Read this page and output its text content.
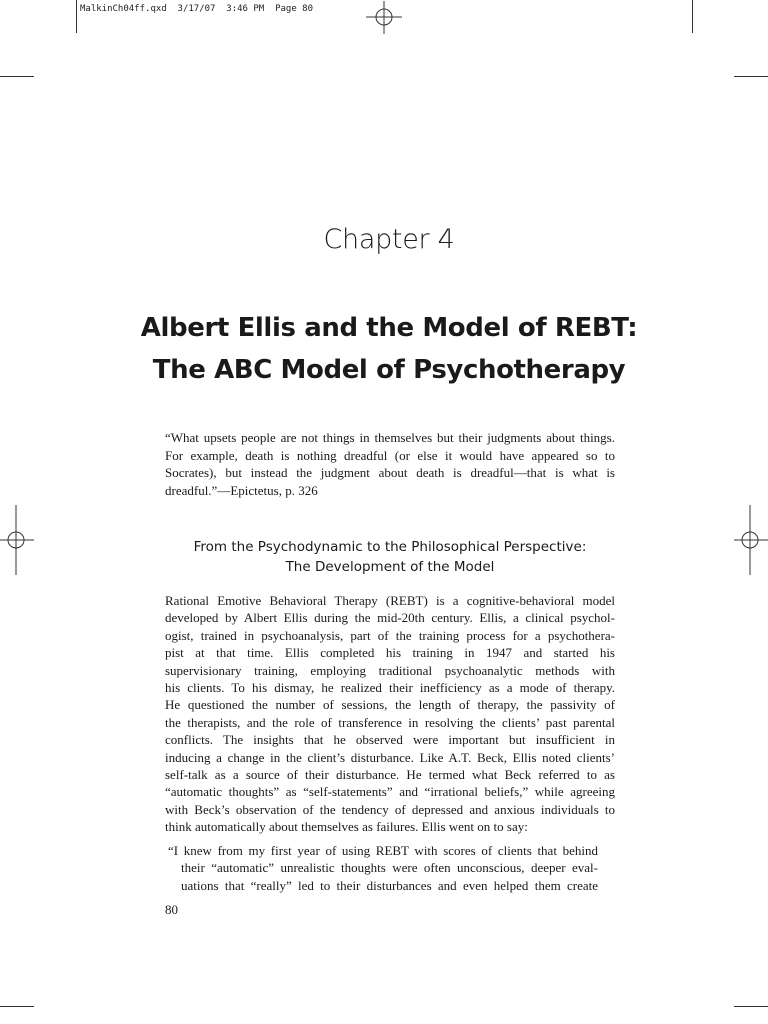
MalkinCh04ff.qxd  3/17/07  3:46 PM  Page 80
Chapter 4
Albert Ellis and the Model of REBT:
The ABC Model of Psychotherapy

“What upsets people are not things in themselves but their judgments about things. For example, death is nothing dreadful (or else it would have appeared so to Socrates), but instead the judgment about death is dreadful—that is what is dreadful.”—Epictetus, p. 326

From the Psychodynamic to the Philosophical Perspective:
The Development of the Model
Rational Emotive Behavioral Therapy (REBT) is a cognitive-behavioral model
developed by Albert Ellis during the mid-20th century. Ellis, a clinical psychol-
ogist, trained in psychoanalysis, part of the training process for a psychothera-
pist at that time. Ellis completed his training in 1947 and started his
supervisionary training, employing traditional psychoanalytic methods with
his clients. To his dismay, he realized their inefficiency as a mode of therapy.
He questioned the number of sessions, the length of therapy, the passivity of
the therapists, and the role of transference in resolving the clients’ past parental
conflicts. The insights that he observed were important but insufficient in
inducing a change in the client’s disturbance. Like A.T. Beck, Ellis noted clients’
self-talk as a source of their disturbance. He termed what Beck referred to as
“automatic thoughts” as “self-statements” and “irrational beliefs,” while agreeing
with Beck’s observation of the tendency of depressed and anxious individuals to
think automatically about themselves as failures. Ellis went on to say:
“I knew from my first year of using REBT with scores of clients that behind
their “automatic” unrealistic thoughts were often unconscious, deeper eval-
uations that “really” led to their disturbances and even helped them create
80
